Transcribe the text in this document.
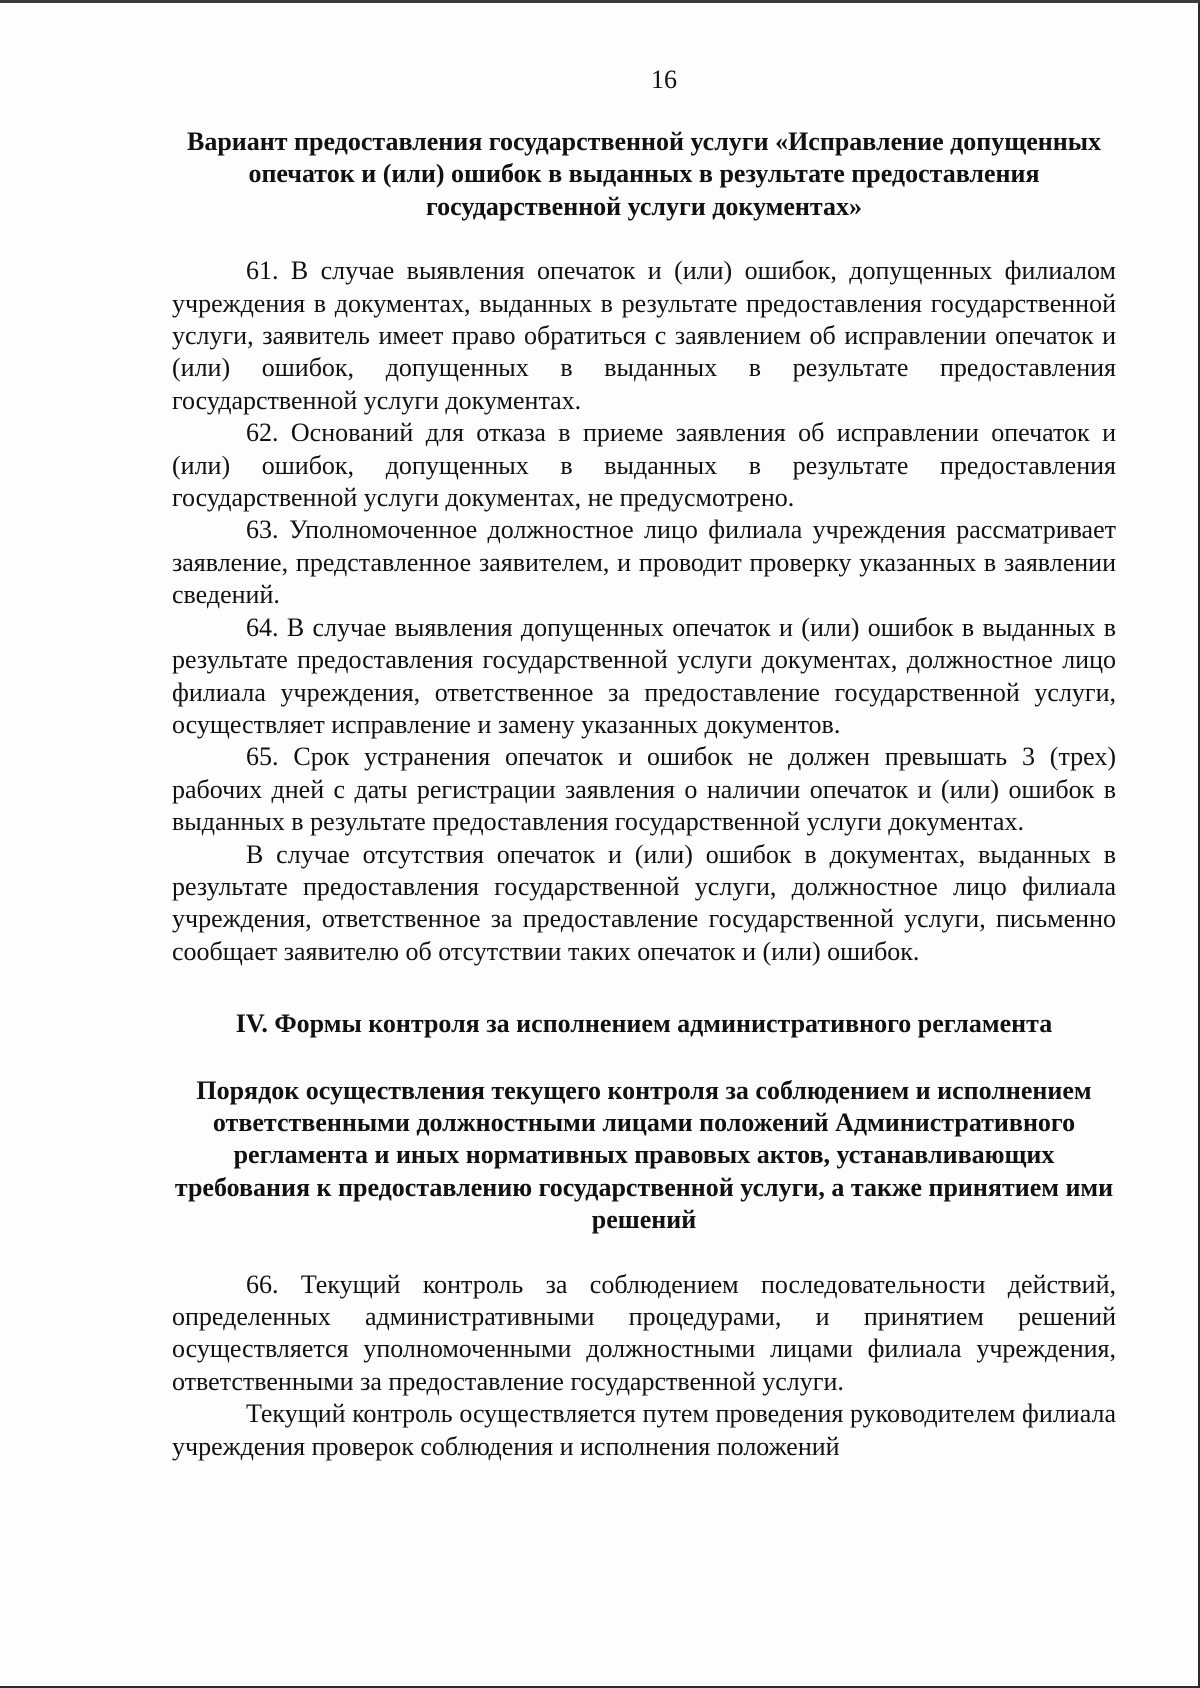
16

Вариант предоставления государственной услуги «Исправление допущенных опечаток и (или) ошибок в выданных в результате предоставления государственной услуги документах»

61. В случае выявления опечаток и (или) ошибок, допущенных филиалом учреждения в документах, выданных в результате предоставления государственной услуги, заявитель имеет право обратиться с заявлением об исправлении опечаток и (или) ошибок, допущенных в выданных в результате предоставления государственной услуги документах.

62. Оснований для отказа в приеме заявления об исправлении опечаток и (или) ошибок, допущенных в выданных в результате предоставления государственной услуги документах, не предусмотрено.

63. Уполномоченное должностное лицо филиала учреждения рассматривает заявление, представленное заявителем, и проводит проверку указанных в заявлении сведений.

64. В случае выявления допущенных опечаток и (или) ошибок в выданных в результате предоставления государственной услуги документах, должностное лицо филиала учреждения, ответственное за предоставление государственной услуги, осуществляет исправление и замену указанных документов.

65. Срок устранения опечаток и ошибок не должен превышать 3 (трех) рабочих дней с даты регистрации заявления о наличии опечаток и (или) ошибок в выданных в результате предоставления государственной услуги документах.

В случае отсутствия опечаток и (или) ошибок в документах, выданных в результате предоставления государственной услуги, должностное лицо филиала учреждения, ответственное за предоставление государственной услуги, письменно сообщает заявителю об отсутствии таких опечаток и (или) ошибок.

IV. Формы контроля за исполнением административного регламента

Порядок осуществления текущего контроля за соблюдением и исполнением ответственными должностными лицами положений Административного регламента и иных нормативных правовых актов, устанавливающих требования к предоставлению государственной услуги, а также принятием ими решений

66. Текущий контроль за соблюдением последовательности действий, определенных административными процедурами, и принятием решений осуществляется уполномоченными должностными лицами филиала учреждения, ответственными за предоставление государственной услуги.

Текущий контроль осуществляется путем проведения руководителем филиала учреждения проверок соблюдения и исполнения положений
